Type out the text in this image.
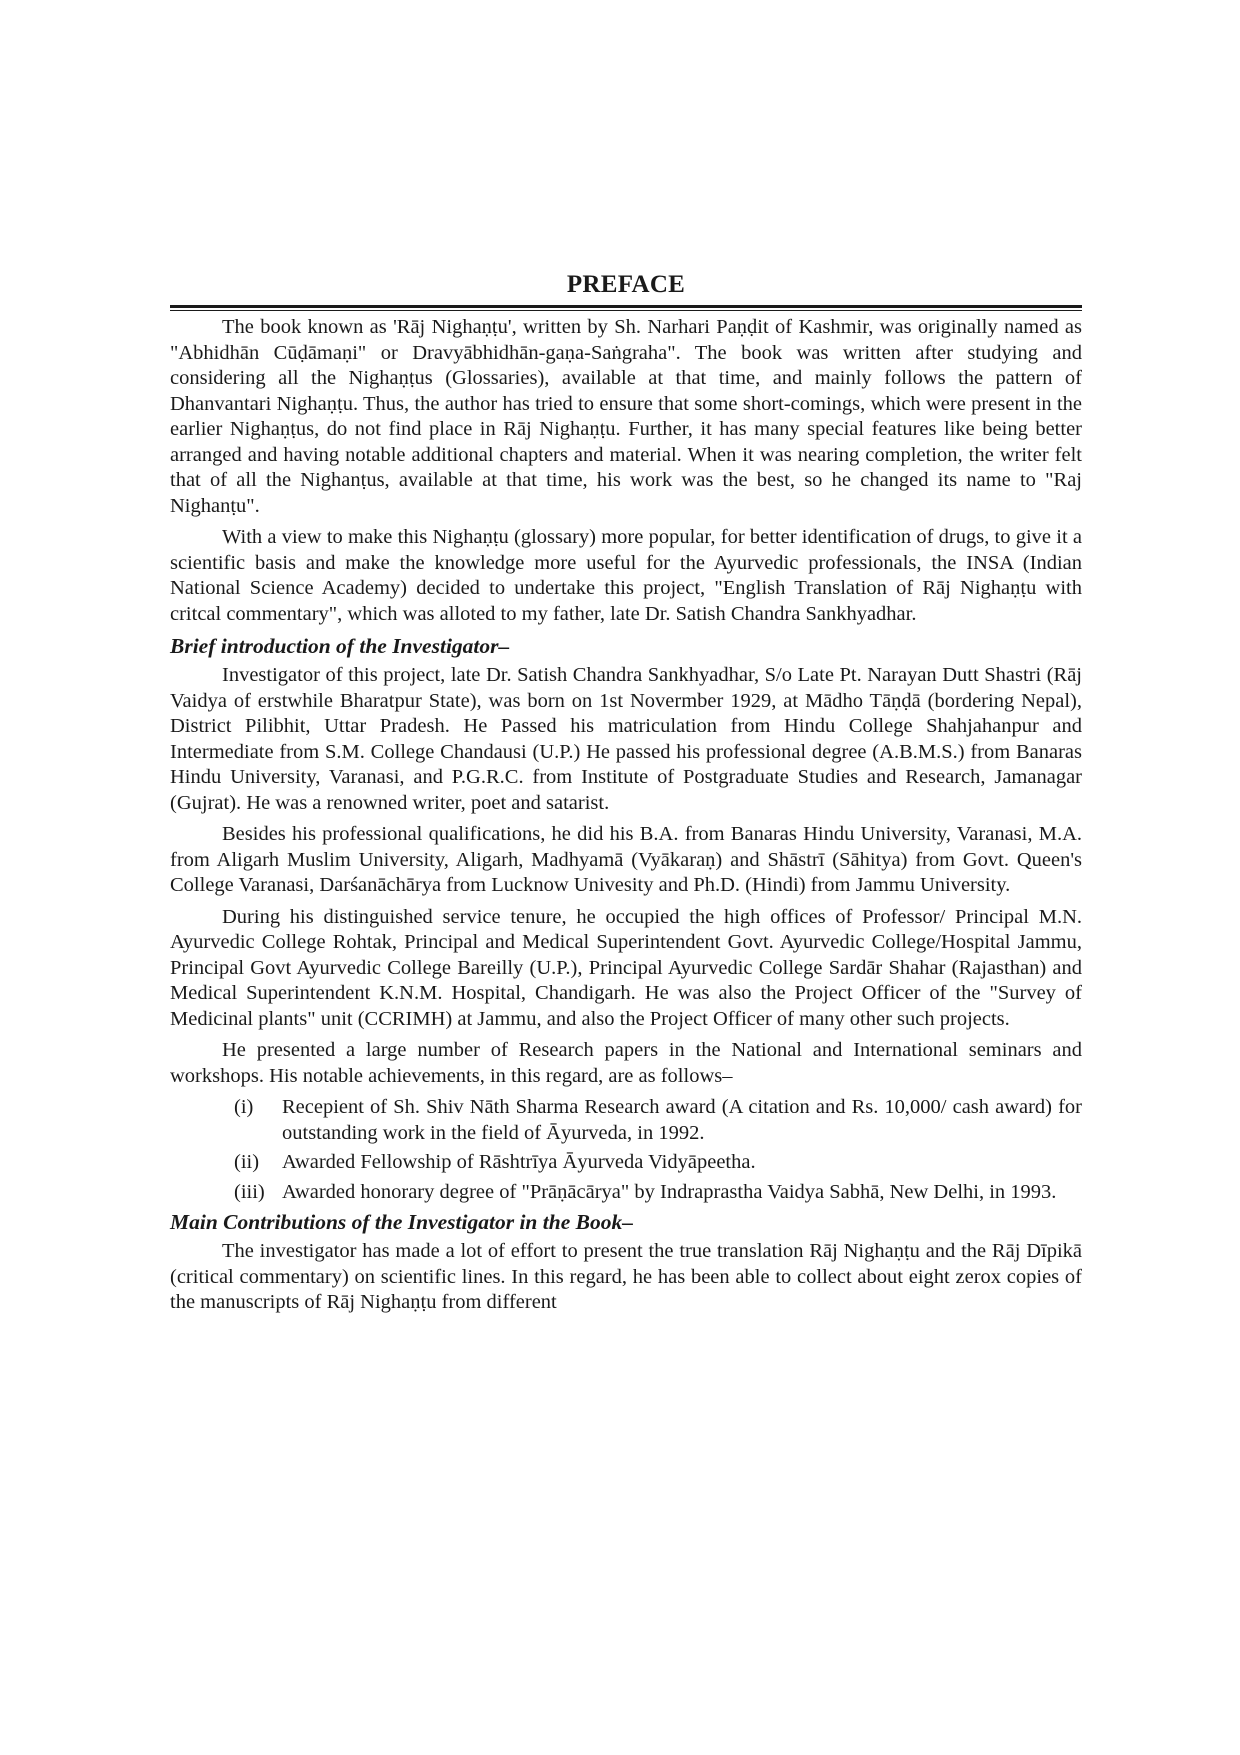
PREFACE

The book known as 'Rāj Nighaṇṭu', written by Sh. Narhari Paṇḍit of Kashmir, was originally named as "Abhidhān Cūḍāmaṇi" or Dravyābhidhān-gaṇa-Saṅgraha". The book was written after studying and considering all the Nighaṇṭus (Glossaries), available at that time, and mainly follows the pattern of Dhanvantari Nighaṇṭu. Thus, the author has tried to ensure that some short-comings, which were present in the earlier Nighaṇṭus, do not find place in Rāj Nighaṇṭu. Further, it has many special features like being better arranged and having notable additional chapters and material. When it was nearing completion, the writer felt that of all the Nighanṭus, available at that time, his work was the best, so he changed its name to "Raj Nighanṭu".

With a view to make this Nighaṇṭu (glossary) more popular, for better identification of drugs, to give it a scientific basis and make the knowledge more useful for the Ayurvedic professionals, the INSA (Indian National Science Academy) decided to undertake this project, "English Translation of Rāj Nighaṇṭu with critcal commentary", which was alloted to my father, late Dr. Satish Chandra Sankhyadhar.

Brief introduction of the Investigator–

Investigator of this project, late Dr. Satish Chandra Sankhyadhar, S/o Late Pt. Narayan Dutt Shastri (Rāj Vaidya of erstwhile Bharatpur State), was born on 1st Novermber 1929, at Mādho Tāṇḍā (bordering Nepal), District Pilibhit, Uttar Pradesh. He Passed his matriculation from Hindu College Shahjahanpur and Intermediate from S.M. College Chandausi (U.P.) He passed his professional degree (A.B.M.S.) from Banaras Hindu University, Varanasi, and P.G.R.C. from Institute of Postgraduate Studies and Research, Jamanagar (Gujrat). He was a renowned writer, poet and satarist.

Besides his professional qualifications, he did his B.A. from Banaras Hindu University, Varanasi, M.A. from Aligarh Muslim University, Aligarh, Madhyamā (Vyākaraṇ) and Shāstrī (Sāhitya) from Govt. Queen's College Varanasi, Darśanāchārya from Lucknow Univesity and Ph.D. (Hindi) from Jammu University.

During his distinguished service tenure, he occupied the high offices of Professor/ Principal M.N. Ayurvedic College Rohtak, Principal and Medical Superintendent Govt. Ayurvedic College/Hospital Jammu, Principal Govt Ayurvedic College Bareilly (U.P.), Principal Ayurvedic College Sardār Shahar (Rajasthan) and Medical Superintendent K.N.M. Hospital, Chandigarh. He was also the Project Officer of the "Survey of Medicinal plants" unit (CCRIMH) at Jammu, and also the Project Officer of many other such projects.

He presented a large number of Research papers in the National and International seminars and workshops. His notable achievements, in this regard, are as follows–

(i) Recepient of Sh. Shiv Nāth Sharma Research award (A citation and Rs. 10,000/ cash award) for outstanding work in the field of Āyurveda, in 1992.
(ii) Awarded Fellowship of Rāshtrīya Āyurveda Vidyāpeetha.
(iii) Awarded honorary degree of "Prāṇācārya" by Indraprastha Vaidya Sabhā, New Delhi, in 1993.
Main Contributions of the Investigator in the Book–

The investigator has made a lot of effort to present the true translation Rāj Nighaṇṭu and the Rāj Dīpikā (critical commentary) on scientific lines. In this regard, he has been able to collect about eight zerox copies of the manuscripts of Rāj Nighaṇṭu from different
